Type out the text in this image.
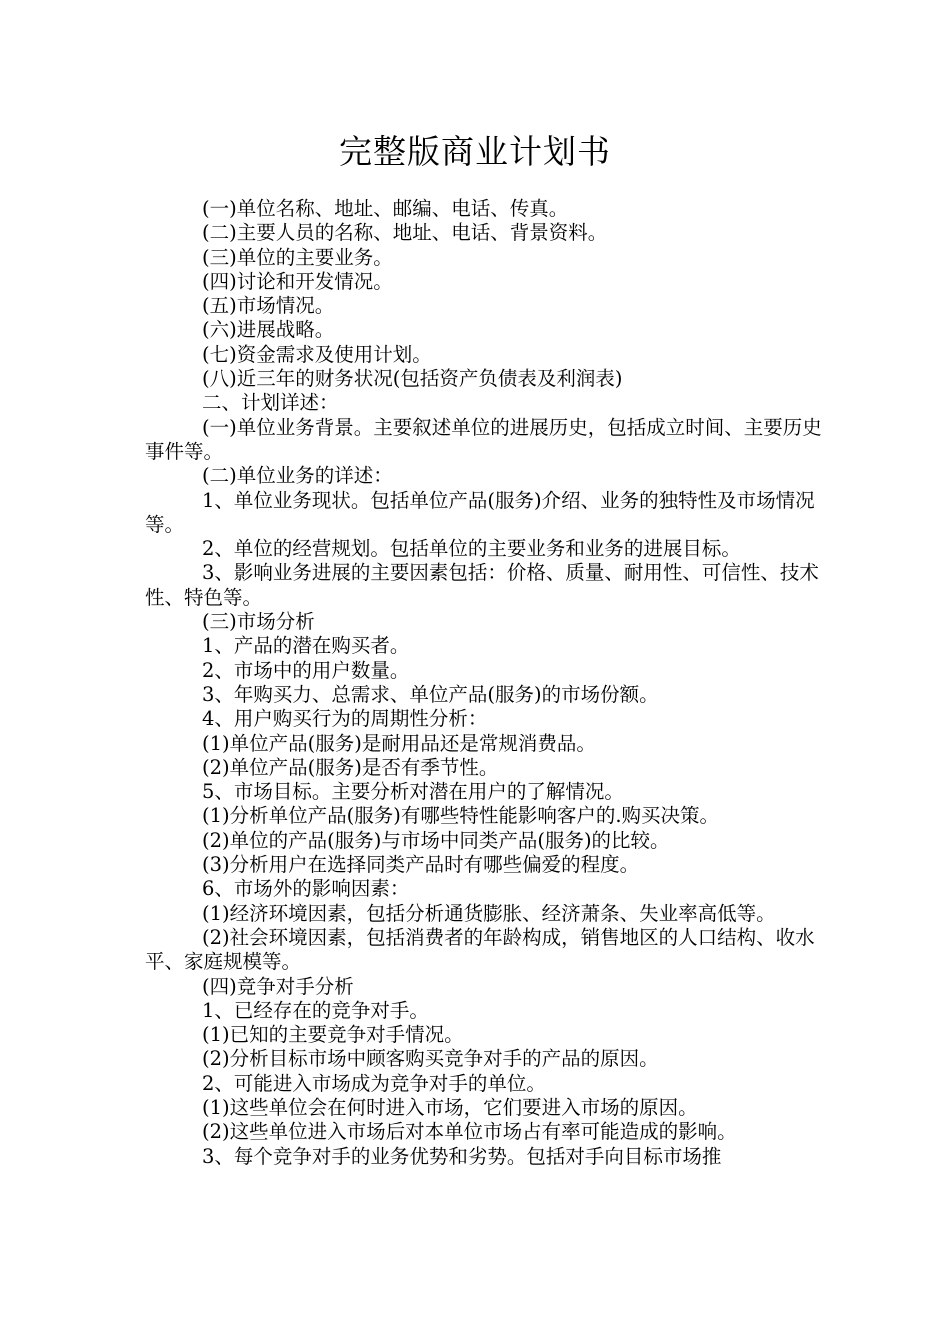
完整版商业计划书

(一)单位名称、地址、邮编、电话、传真。

(二)主要人员的名称、地址、电话、背景资料。

(三)单位的主要业务。

(四)讨论和开发情况。

(五)市场情况。

(六)进展战略。

(七)资金需求及使用计划。

(八)近三年的财务状况(包括资产负债表及利润表)

二、计划详述：

(一)单位业务背景。主要叙述单位的进展历史，包括成立时间、主要历史事件等。

(二)单位业务的详述：

1、单位业务现状。包括单位产品(服务)介绍、业务的独特性及市场情况等。

2、单位的经营规划。包括单位的主要业务和业务的进展目标。

3、影响业务进展的主要因素包括：价格、质量、耐用性、可信性、技术性、特色等。

(三)市场分析

1、产品的潜在购买者。

2、市场中的用户数量。

3、年购买力、总需求、单位产品(服务)的市场份额。

4、用户购买行为的周期性分析：

(1)单位产品(服务)是耐用品还是常规消费品。

(2)单位产品(服务)是否有季节性。

5、市场目标。主要分析对潜在用户的了解情况。

(1)分析单位产品(服务)有哪些特性能影响客户的.购买决策。

(2)单位的产品(服务)与市场中同类产品(服务)的比较。

(3)分析用户在选择同类产品时有哪些偏爱的程度。

6、市场外的影响因素：

(1)经济环境因素，包括分析通货膨胀、经济萧条、失业率高低等。

(2)社会环境因素，包括消费者的年龄构成，销售地区的人口结构、收水平、家庭规模等。

(四)竞争对手分析

1、已经存在的竞争对手。

(1)已知的主要竞争对手情况。

(2)分析目标市场中顾客购买竞争对手的产品的原因。

2、可能进入市场成为竞争对手的单位。

(1)这些单位会在何时进入市场，它们要进入市场的原因。

(2)这些单位进入市场后对本单位市场占有率可能造成的影响。

3、每个竞争对手的业务优势和劣势。包括对手向目标市场推
